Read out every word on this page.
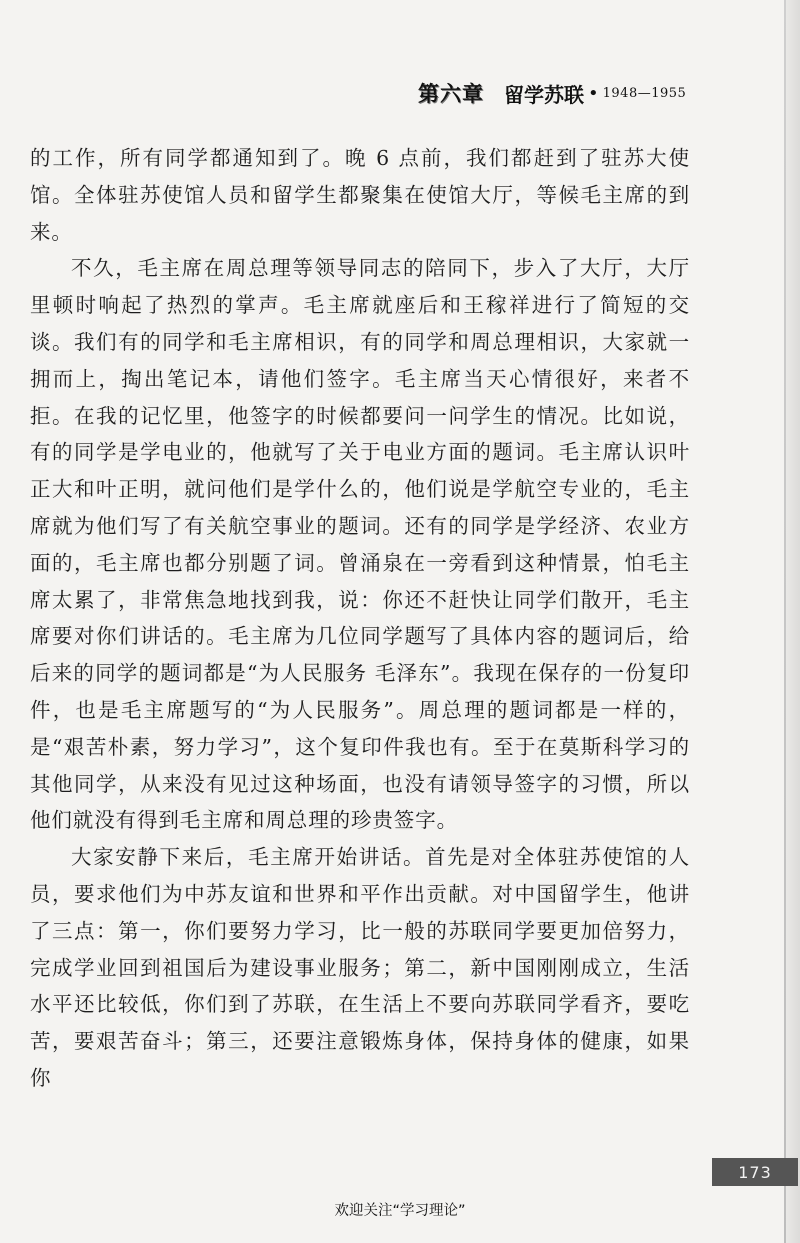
第六章 留学苏联 • 1948—1955

的工作，所有同学都通知到了。晚 6 点前，我们都赶到了驻苏大使馆。全体驻苏使馆人员和留学生都聚集在使馆大厅，等候毛主席的到来。

不久，毛主席在周总理等领导同志的陪同下，步入了大厅，大厅里顿时响起了热烈的掌声。毛主席就座后和王稼祥进行了简短的交谈。我们有的同学和毛主席相识，有的同学和周总理相识，大家就一拥而上，掏出笔记本，请他们签字。毛主席当天心情很好，来者不拒。在我的记忆里，他签字的时候都要问一问学生的情况。比如说，有的同学是学电业的，他就写了关于电业方面的题词。毛主席认识叶正大和叶正明，就问他们是学什么的，他们说是学航空专业的，毛主席就为他们写了有关航空事业的题词。还有的同学是学经济、农业方面的，毛主席也都分别题了词。曾涌泉在一旁看到这种情景，怕毛主席太累了，非常焦急地找到我，说：你还不赶快让同学们散开，毛主席要对你们讲话的。毛主席为几位同学题写了具体内容的题词后，给后来的同学的题词都是“为人民服务 毛泽东”。我现在保存的一份复印件，也是毛主席题写的“为人民服务”。周总理的题词都是一样的，是“艰苦朴素，努力学习”，这个复印件我也有。至于在莫斯科学习的其他同学，从来没有见过这种场面，也没有请领导签字的习惯，所以他们就没有得到毛主席和周总理的珍贵签字。

大家安静下来后，毛主席开始讲话。首先是对全体驻苏使馆的人员，要求他们为中苏友谊和世界和平作出贡献。对中国留学生，他讲了三点：第一，你们要努力学习，比一般的苏联同学要更加倍努力，完成学业回到祖国后为建设事业服务；第二，新中国刚刚成立，生活水平还比较低，你们到了苏联，在生活上不要向苏联同学看齐，要吃苦，要艰苦奋斗；第三，还要注意锻炼身体，保持身体的健康，如果你

173
欢迎关注“学习理论”
